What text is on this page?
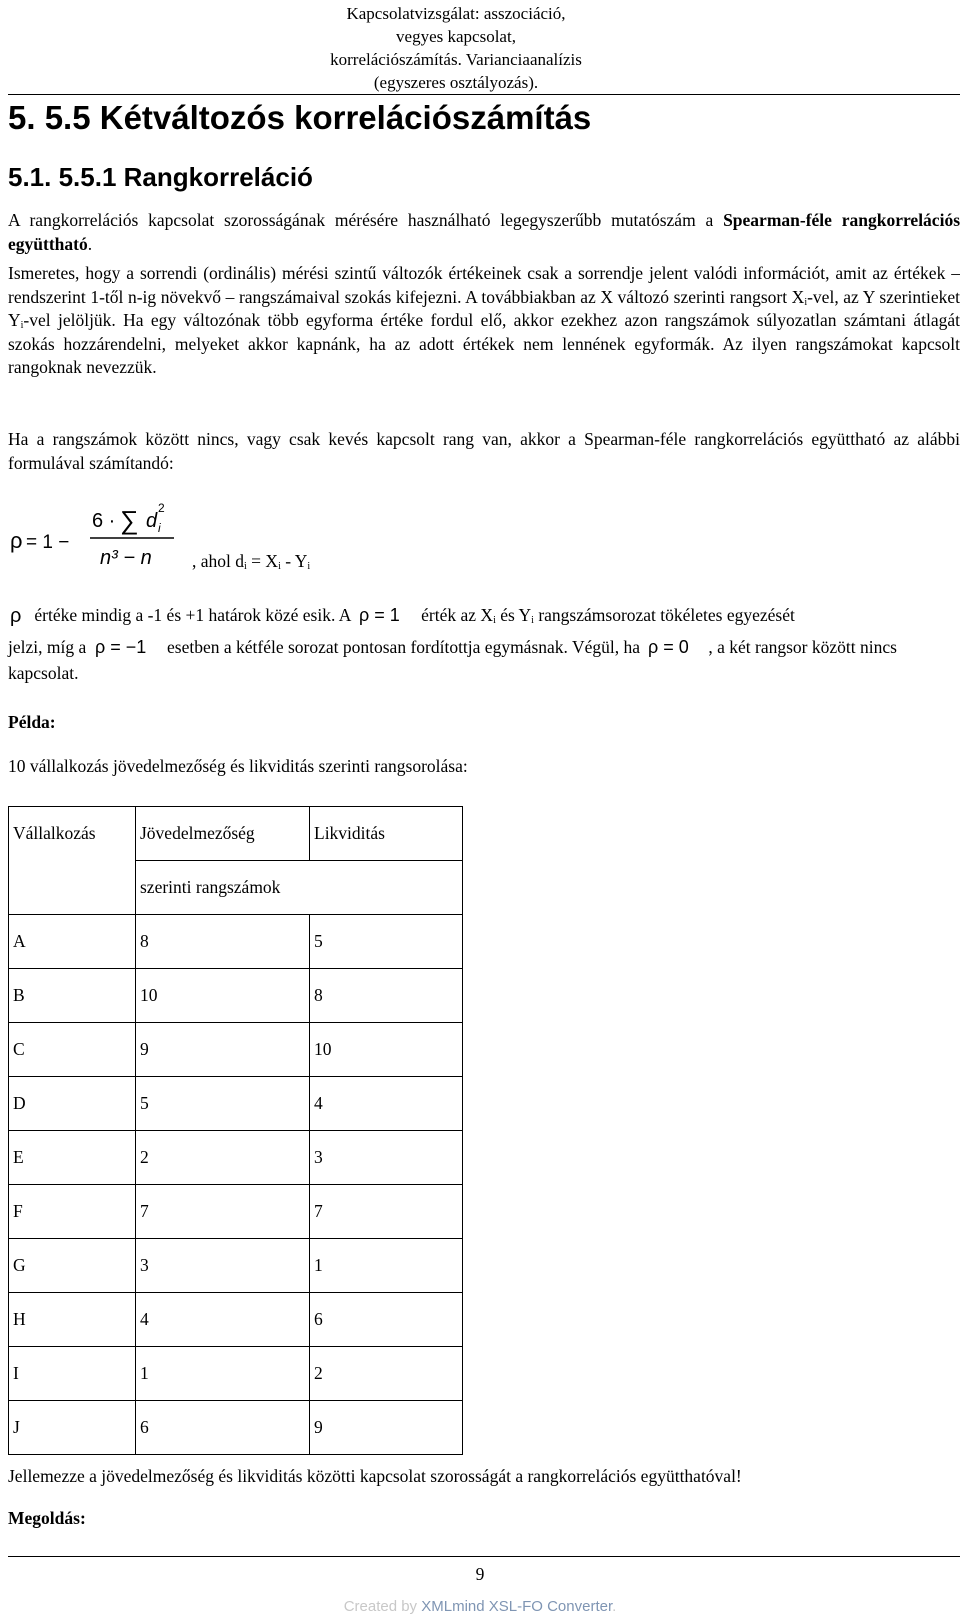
Kapcsolatvizsgálat: asszociáció,
vegyes kapcsolat,
korrelációszámítás. Varianciaanalízis
(egyszeres osztályozás).
5. 5.5 Kétváltozós korrelációszámítás
5.1. 5.5.1 Rangkorreláció

A rangkorrelációs kapcsolat szorosságának mérésére használható legegyszerűbb mutatószám a Spearman-féle rangkorrelációs együttható.

Ismeretes, hogy a sorrendi (ordinális) mérési szintű változók értékeinek csak a sorrendje jelent valódi információt, amit az értékek – rendszerint 1-től n-ig növekvő – rangszámaival szokás kifejezni. A továbbiakban az X változó szerinti rangsort $X_i$-vel, az Y szerintieket $Y_i$-vel jelöljük. Ha egy változónak több egyforma értéke fordul elő, akkor ezekhez azon rangszámok súlyozatlan számtani átlagát szokás hozzárendelni, melyeket akkor kapnánk, ha az adott értékek nem lennének egyformák. Az ilyen rangszámokat kapcsolt rangoknak nevezzük.

Ha a rangszámok között nincs, vagy csak kevés kapcsolt rang van, akkor a Spearman-féle rangkorrelációs együttható az alábbi formulával számítandó:

ρ = 1 −
6 · ∑ d i
2
n³ − n , ahol $d_i = X_i - Y_i$
ρ értéke mindig a -1 és +1 határok közé esik. A ρ = 1 érték az $X_i$ és $Y_i$ rangszámsorozat tökéletes egyezését
jelzi, míg a ρ = −1 esetben a kétféle sorozat pontosan fordítottja egymásnak. Végül, ha ρ = 0 , a két rangsor között nincs kapcsolat.
Példa:
10 vállalkozás jövedelmezőség és likviditás szerinti rangsorolása:
Vállalkozás	Jövedelmezőség	Likviditás
	szerinti rangszámok	
A	8	5
B	10	8
C	9	10
D	5	4
E	2	3
F	7	7
G	3	1
H	4	6
I	1	2
J	6	9
Jellemezze a jövedelmezőség és likviditás közötti kapcsolat szorosságát a rangkorrelációs együtthatóval!
Megoldás:
9
Created by XMLmind XSL-FO Converter.
